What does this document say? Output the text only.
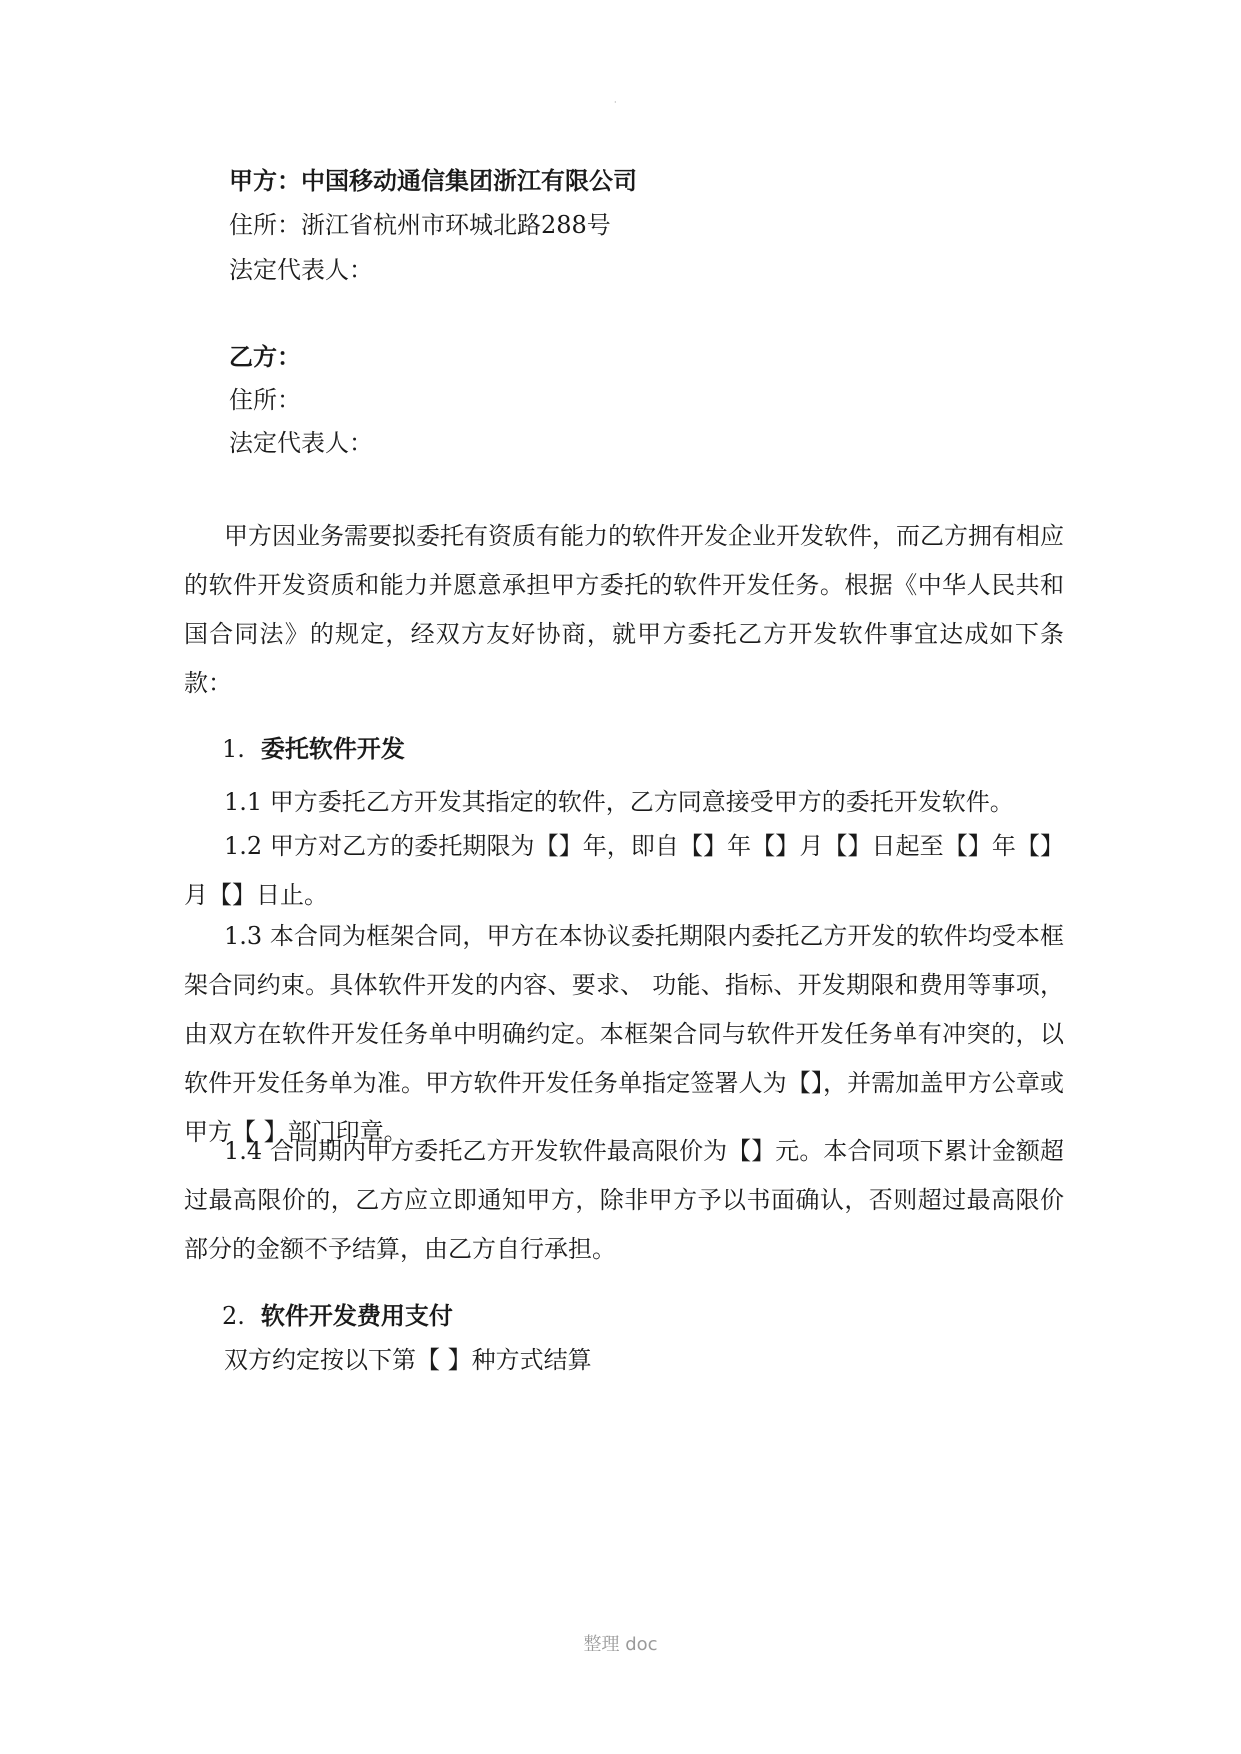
·
甲方：中国移动通信集团浙江有限公司
住所：浙江省杭州市环城北路288号
法定代表人：
乙方：
住所：
法定代表人：
甲方因业务需要拟委托有资质有能力的软件开发企业开发软件，而乙方拥有相应的软件开发资质和能力并愿意承担甲方委托的软件开发任务。根据《中华人民共和国合同法》的规定，经双方友好协商，就甲方委托乙方开发软件事宜达成如下条款：
1. 委托软件开发
1.1 甲方委托乙方开发其指定的软件，乙方同意接受甲方的委托开发软件。
1.2 甲方对乙方的委托期限为【】年，即自【】年【】月【】日起至【】年【】月【】日止。
1.3 本合同为框架合同，甲方在本协议委托期限内委托乙方开发的软件均受本框架合同约束。具体软件开发的内容、要求、 功能、指标、开发期限和费用等事项，由双方在软件开发任务单中明确约定。本框架合同与软件开发任务单有冲突的，以软件开发任务单为准。甲方软件开发任务单指定签署人为【】，并需加盖甲方公章或甲方【 】部门印章。
1.4 合同期内甲方委托乙方开发软件最高限价为【】元。本合同项下累计金额超过最高限价的，乙方应立即通知甲方，除非甲方予以书面确认，否则超过最高限价部分的金额不予结算，由乙方自行承担。
2. 软件开发费用支付
双方约定按以下第【 】种方式结算
整理 doc
